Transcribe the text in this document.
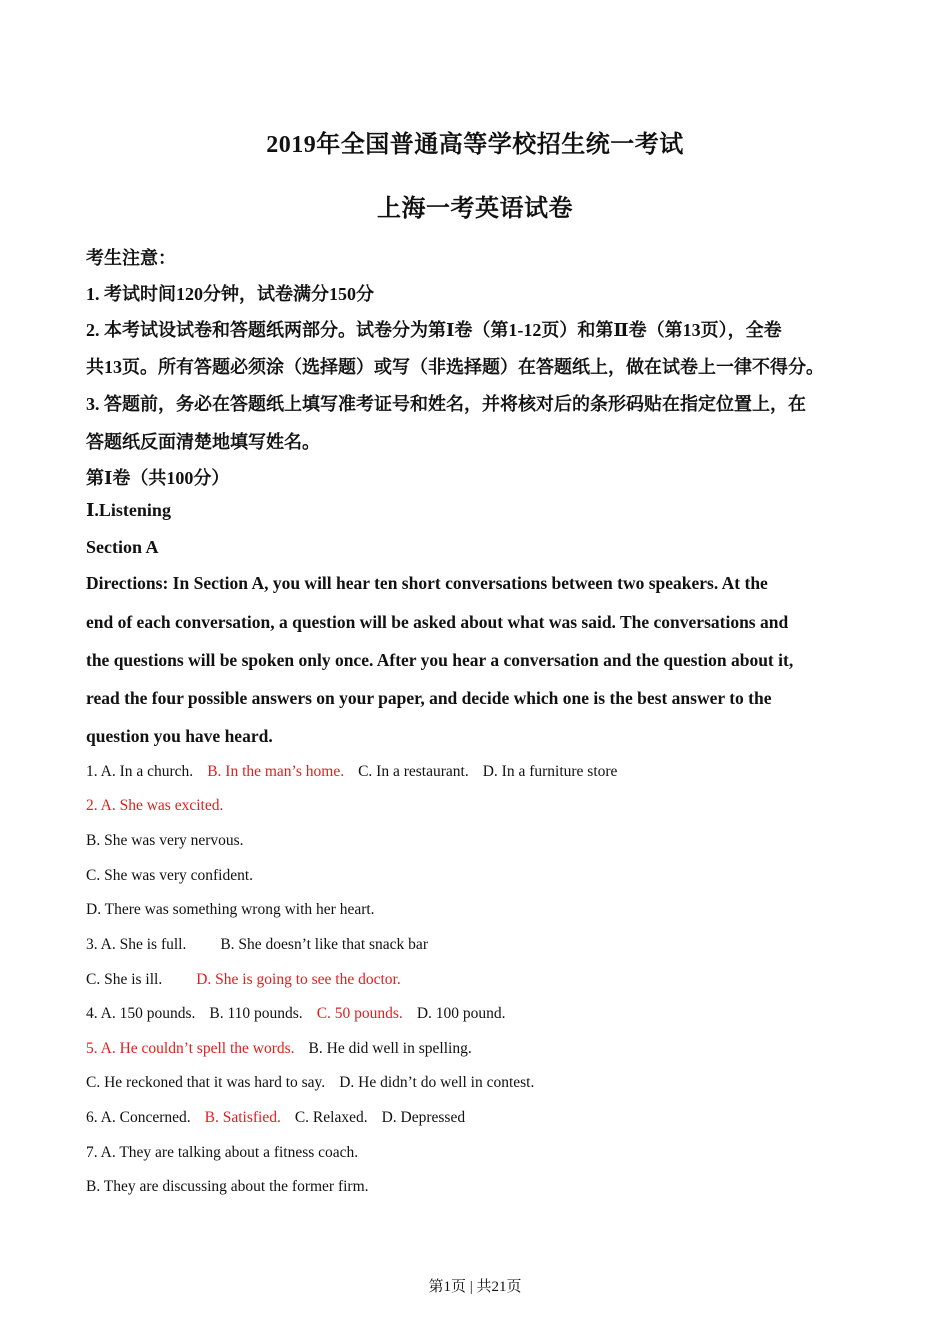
2019年全国普通高等学校招生统一考试
上海一考英语试卷
考生注意：
1. 考试时间120分钟，试卷满分150分
2. 本考试设试卷和答题纸两部分。试卷分为第Ⅰ卷（第1-12页）和第Ⅱ卷（第13页），全卷
共13页。所有答题必须涂（选择题）或写（非选择题）在答题纸上，做在试卷上一律不得分。
3. 答题前，务必在答题纸上填写准考证号和姓名，并将核对后的条形码贴在指定位置上，在
答题纸反面清楚地填写姓名。
第Ⅰ卷（共100分）
Ⅰ.Listening
Section A
Directions: In Section A, you will hear ten short conversations between two speakers. At the
end of each conversation, a question will be asked about what was said. The conversations and
the questions will be spoken only once. After you hear a conversation and the question about it,
read the four possible answers on your paper, and decide which one is the best answer to the
question you have heard.
1. A. In a church. B. In the man’s home. C. In a restaurant. D. In a furniture store
2. A. She was excited.
B. She was very nervous.
C. She was very confident.
D. There was something wrong with her heart.
3. A. She is full. B. She doesn’t like that snack bar
C. She is ill. D. She is going to see the doctor.
4. A. 150 pounds. B. 110 pounds. C. 50 pounds. D. 100 pound.
5. A. He couldn’t spell the words. B. He did well in spelling.
C. He reckoned that it was hard to say. D. He didn’t do well in contest.
6. A. Concerned. B. Satisfied. C. Relaxed. D. Depressed
7. A. They are talking about a fitness coach.
B. They are discussing about the former firm.
第1页 | 共21页
